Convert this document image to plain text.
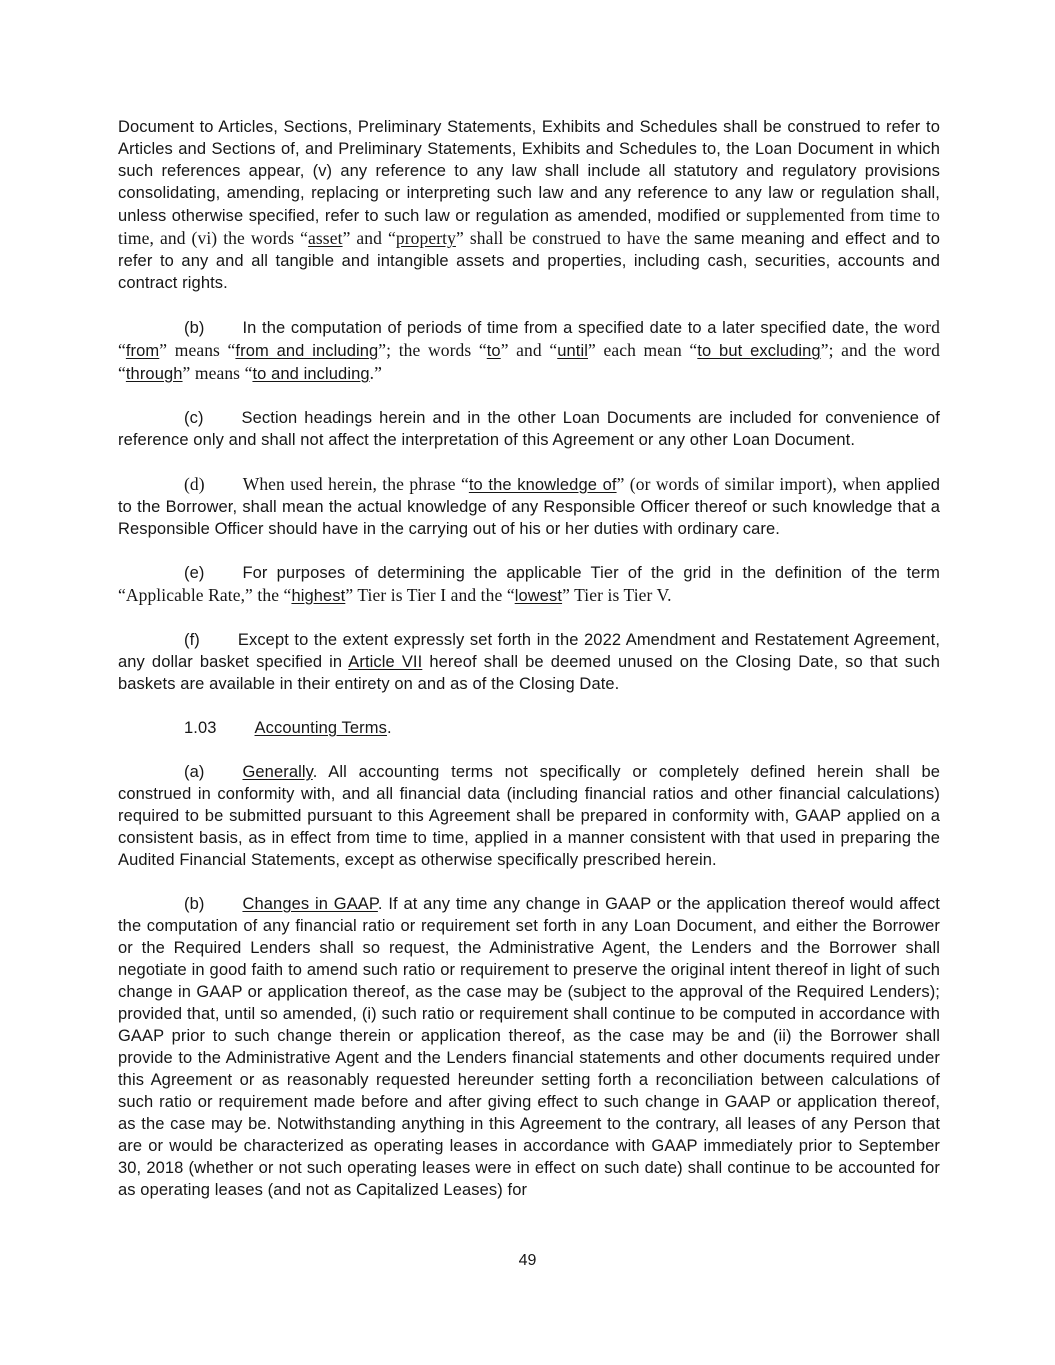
Document to Articles, Sections, Preliminary Statements, Exhibits and Schedules shall be construed to refer to Articles and Sections of, and Preliminary Statements, Exhibits and Schedules to, the Loan Document in which such references appear, (v) any reference to any law shall include all statutory and regulatory provisions consolidating, amending, replacing or interpreting such law and any reference to any law or regulation shall, unless otherwise specified, refer to such law or regulation as amended, modified or supplemented from time to time, and (vi) the words “asset” and “property” shall be construed to have the same meaning and effect and to refer to any and all tangible and intangible assets and properties, including cash, securities, accounts and contract rights.

(b) In the computation of periods of time from a specified date to a later specified date, the word “from” means “from and including”; the words “to” and “until” each mean “to but excluding”; and the word “through” means “to and including.”

(c) Section headings herein and in the other Loan Documents are included for convenience of reference only and shall not affect the interpretation of this Agreement or any other Loan Document.

(d) When used herein, the phrase “to the knowledge of” (or words of similar import), when applied to the Borrower, shall mean the actual knowledge of any Responsible Officer thereof or such knowledge that a Responsible Officer should have in the carrying out of his or her duties with ordinary care.

(e) For purposes of determining the applicable Tier of the grid in the definition of the term “Applicable Rate,” the “highest” Tier is Tier I and the “lowest” Tier is Tier V.

(f) Except to the extent expressly set forth in the 2022 Amendment and Restatement Agreement, any dollar basket specified in Article VII hereof shall be deemed unused on the Closing Date, so that such baskets are available in their entirety on and as of the Closing Date.

1.03 Accounting Terms.

(a) Generally. All accounting terms not specifically or completely defined herein shall be construed in conformity with, and all financial data (including financial ratios and other financial calculations) required to be submitted pursuant to this Agreement shall be prepared in conformity with, GAAP applied on a consistent basis, as in effect from time to time, applied in a manner consistent with that used in preparing the Audited Financial Statements, except as otherwise specifically prescribed herein.

(b) Changes in GAAP. If at any time any change in GAAP or the application thereof would affect the computation of any financial ratio or requirement set forth in any Loan Document, and either the Borrower or the Required Lenders shall so request, the Administrative Agent, the Lenders and the Borrower shall negotiate in good faith to amend such ratio or requirement to preserve the original intent thereof in light of such change in GAAP or application thereof, as the case may be (subject to the approval of the Required Lenders); provided that, until so amended, (i) such ratio or requirement shall continue to be computed in accordance with GAAP prior to such change therein or application thereof, as the case may be and (ii) the Borrower shall provide to the Administrative Agent and the Lenders financial statements and other documents required under this Agreement or as reasonably requested hereunder setting forth a reconciliation between calculations of such ratio or requirement made before and after giving effect to such change in GAAP or application thereof, as the case may be. Notwithstanding anything in this Agreement to the contrary, all leases of any Person that are or would be characterized as operating leases in accordance with GAAP immediately prior to September 30, 2018 (whether or not such operating leases were in effect on such date) shall continue to be accounted for as operating leases (and not as Capitalized Leases) for

49
